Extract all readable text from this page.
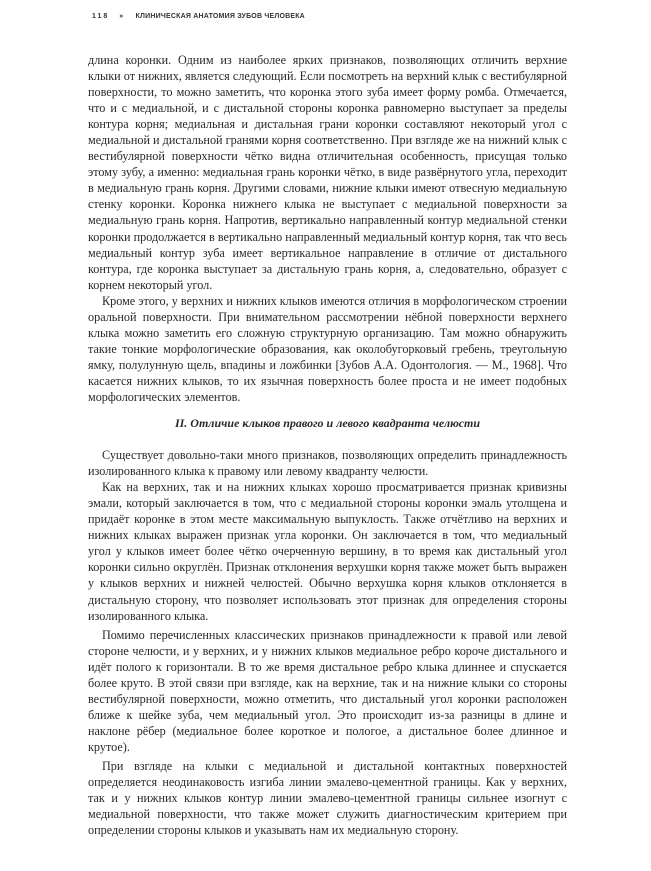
118 » КЛИНИЧЕСКАЯ АНАТОМИЯ ЗУБОВ ЧЕЛОВЕКА

длина коронки. Одним из наиболее ярких признаков, позволяющих отличить верхние клыки от нижних, является следующий. Если посмотреть на верхний клык с вестибулярной поверхности, то можно заметить, что коронка этого зуба имеет форму ромба. Отмечается, что и с медиальной, и с дистальной стороны коронка равномерно выступает за пределы контура корня; медиальная и дистальная грани коронки составляют некоторый угол с медиальной и дистальной гранями корня соответственно. При взгляде же на нижний клык с вестибулярной поверхности чётко видна отличительная особенность, присущая только этому зубу, а именно: медиальная грань коронки чётко, в виде развёрнутого угла, переходит в медиальную грань корня. Другими словами, нижние клыки имеют отвесную медиальную стенку коронки. Коронка нижнего клыка не выступает с медиальной поверхности за медиальную грань корня. Напротив, вертикально направленный контур медиальной стенки коронки продолжается в вертикально направленный медиальный контур корня, так что весь медиальный контур зуба имеет вертикальное направление в отличие от дистального контура, где коронка выступает за дистальную грань корня, а, следовательно, образует с корнем некоторый угол.

Кроме этого, у верхних и нижних клыков имеются отличия в морфологическом строении оральной поверхности. При внимательном рассмотрении нёбной поверхности верхнего клыка можно заметить его сложную структурную организацию. Там можно обнаружить такие тонкие морфологические образования, как околобугорковый гребень, треугольную ямку, полулунную щель, впадины и ложбинки [Зубов А.А. Одонтология. — М., 1968]. Что касается нижних клыков, то их язычная поверхность более проста и не имеет подобных морфологических элементов.

II. Отличие клыков правого и левого квадранта челюсти

Существует довольно-таки много признаков, позволяющих определить принадлежность изолированного клыка к правому или левому квадранту челюсти.

Как на верхних, так и на нижних клыках хорошо просматривается признак кривизны эмали, который заключается в том, что с медиальной стороны коронки эмаль утолщена и придаёт коронке в этом месте максимальную выпуклость. Также отчётливо на верхних и нижних клыках выражен признак угла коронки. Он заключается в том, что медиальный угол у клыков имеет более чётко очерченную вершину, в то время как дистальный угол коронки сильно округлён. Признак отклонения верхушки корня также может быть выражен у клыков верхних и нижней челюстей. Обычно верхушка корня клыков отклоняется в дистальную сторону, что позволяет использовать этот признак для определения стороны изолированного клыка.

Помимо перечисленных классических признаков принадлежности к правой или левой стороне челюсти, и у верхних, и у нижних клыков медиальное ребро короче дистального и идёт полого к горизонтали. В то же время дистальное ребро клыка длиннее и спускается более круто. В этой связи при взгляде, как на верхние, так и на нижние клыки со стороны вестибулярной поверхности, можно отметить, что дистальный угол коронки расположен ближе к шейке зуба, чем медиальный угол. Это происходит из-за разницы в длине и наклоне рёбер (медиальное более короткое и пологое, а дистальное более длинное и крутое).

При взгляде на клыки с медиальной и дистальной контактных поверхностей определяется неодинаковость изгиба линии эмалево-цементной границы. Как у верхних, так и у нижних клыков контур линии эмалево-цементной границы сильнее изогнут с медиальной поверхности, что также может служить диагностическим критерием при определении стороны клыков и указывать нам их медиальную сторону.
